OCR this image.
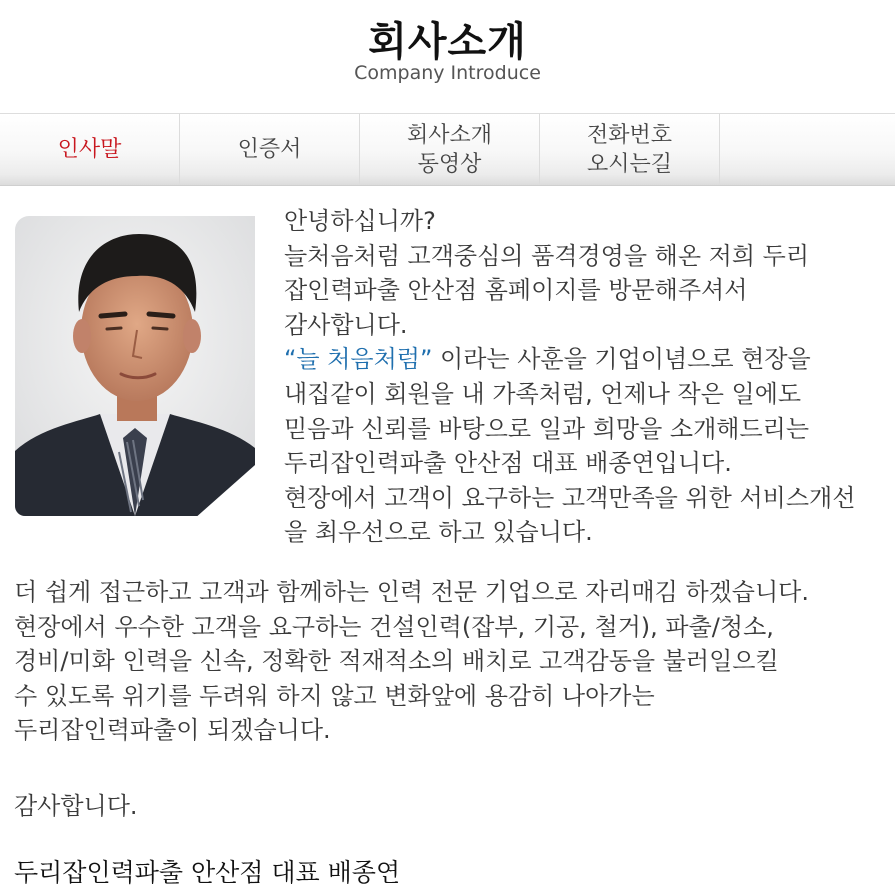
회사소개
Company Introduce
인사말	인증서
회사소개
동영상
전화번호
오시는길
안녕하십니까?
늘처음처럼 고객중심의 품격경영을 해온 저희 두리
잡인력파출 안산점 홈페이지를 방문해주셔서
감사합니다.
“늘 처음처럼” 이라는 사훈을 기업이념으로 현장을
내집같이 회원을 내 가족처럼, 언제나 작은 일에도
믿음과 신뢰를 바탕으로 일과 희망을 소개해드리는
두리잡인력파출 안산점 대표 배종연입니다.
현장에서 고객이 요구하는 고객만족을 위한 서비스개선
을 최우선으로 하고 있습니다.
더 쉽게 접근하고 고객과 함께하는 인력 전문 기업으로 자리매김 하겠습니다.
현장에서 우수한 고객을 요구하는 건설인력(잡부, 기공, 철거), 파출/청소,
경비/미화 인력을 신속, 정확한 적재적소의 배치로 고객감동을 불러일으킬
수 있도록 위기를 두려워 하지 않고 변화앞에 용감히 나아가는
두리잡인력파출이 되겠습니다.
감사합니다.
두리잡인력파출 안산점 대표 배종연
